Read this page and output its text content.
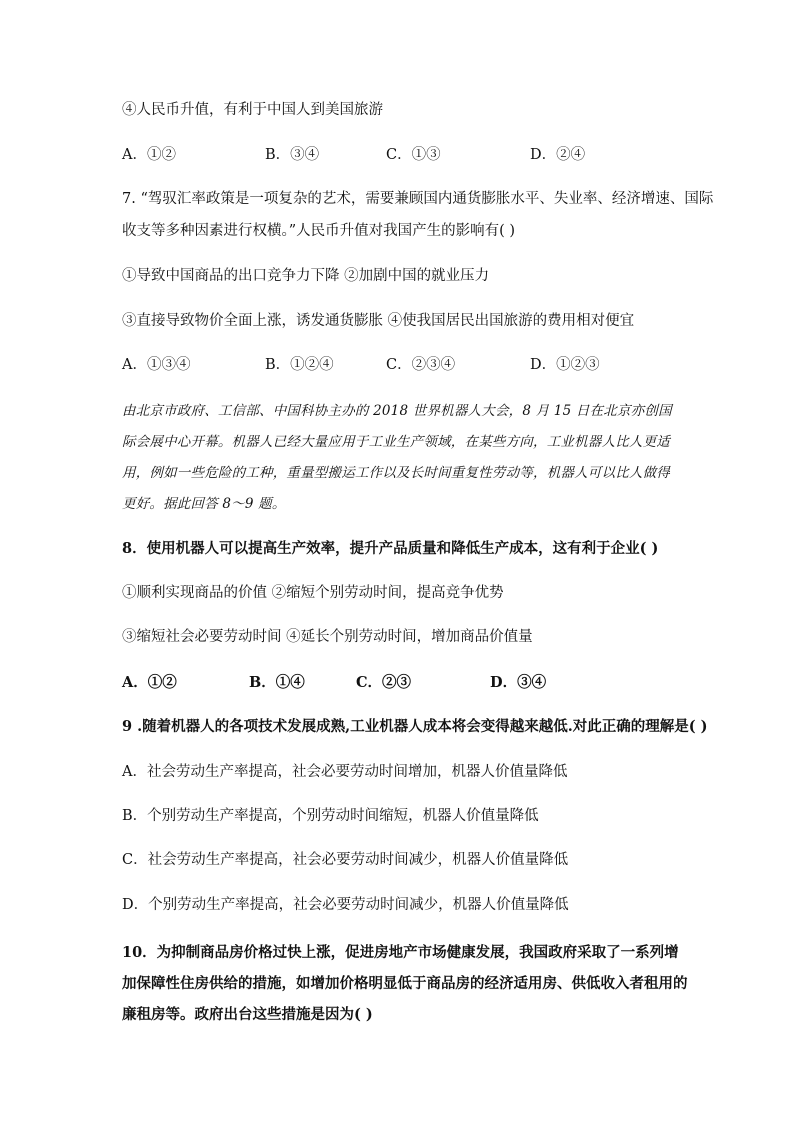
④人民币升值，有利于中国人到美国旅游
A．①②	B．③④	C．①③	D．②④
7. “驾驭汇率政策是一项复杂的艺术，需要兼顾国内通货膨胀水平、失业率、经济增速、国际
收支等多种因素进行权横。”人民币升值对我国产生的影响有( )
①导致中国商品的出口竞争力下降 ②加剧中国的就业压力
③直接导致物价全面上涨，诱发通货膨胀 ④使我国居民出国旅游的费用相对便宜
A．①③④	B．①②④	C．②③④	D．①②③
由北京市政府、工信部、中国科协主办的 2018 世界机器人大会，8 月 15 日在北京亦创国际会展中心开幕。机器人已经大量应用于工业生产领域，在某些方向，工业机器人比人更适用，例如一些危险的工种，重量型搬运工作以及长时间重复性劳动等，机器人可以比人做得更好。据此回答 8～9 题。
8．使用机器人可以提高生产效率，提升产品质量和降低生产成本，这有利于企业( )
①顺利实现商品的价值 ②缩短个别劳动时间，提高竞争优势
③缩短社会必要劳动时间 ④延长个别劳动时间，增加商品价值量
A．①②	B．①④	C．②③	D．③④
9 .随着机器人的各项技术发展成熟,工业机器人成本将会变得越来越低.对此正确的理解是( )
A．社会劳动生产率提高，社会必要劳动时间增加，机器人价值量降低
B．个别劳动生产率提高，个别劳动时间缩短，机器人价值量降低
C．社会劳动生产率提高，社会必要劳动时间减少，机器人价值量降低
D．个别劳动生产率提高，社会必要劳动时间减少，机器人价值量降低
10．为抑制商品房价格过快上涨，促进房地产市场健康发展，我国政府采取了一系列增加保障性住房供给的措施，如增加价格明显低于商品房的经济适用房、供低收入者租用的廉租房等。政府出台这些措施是因为( )
